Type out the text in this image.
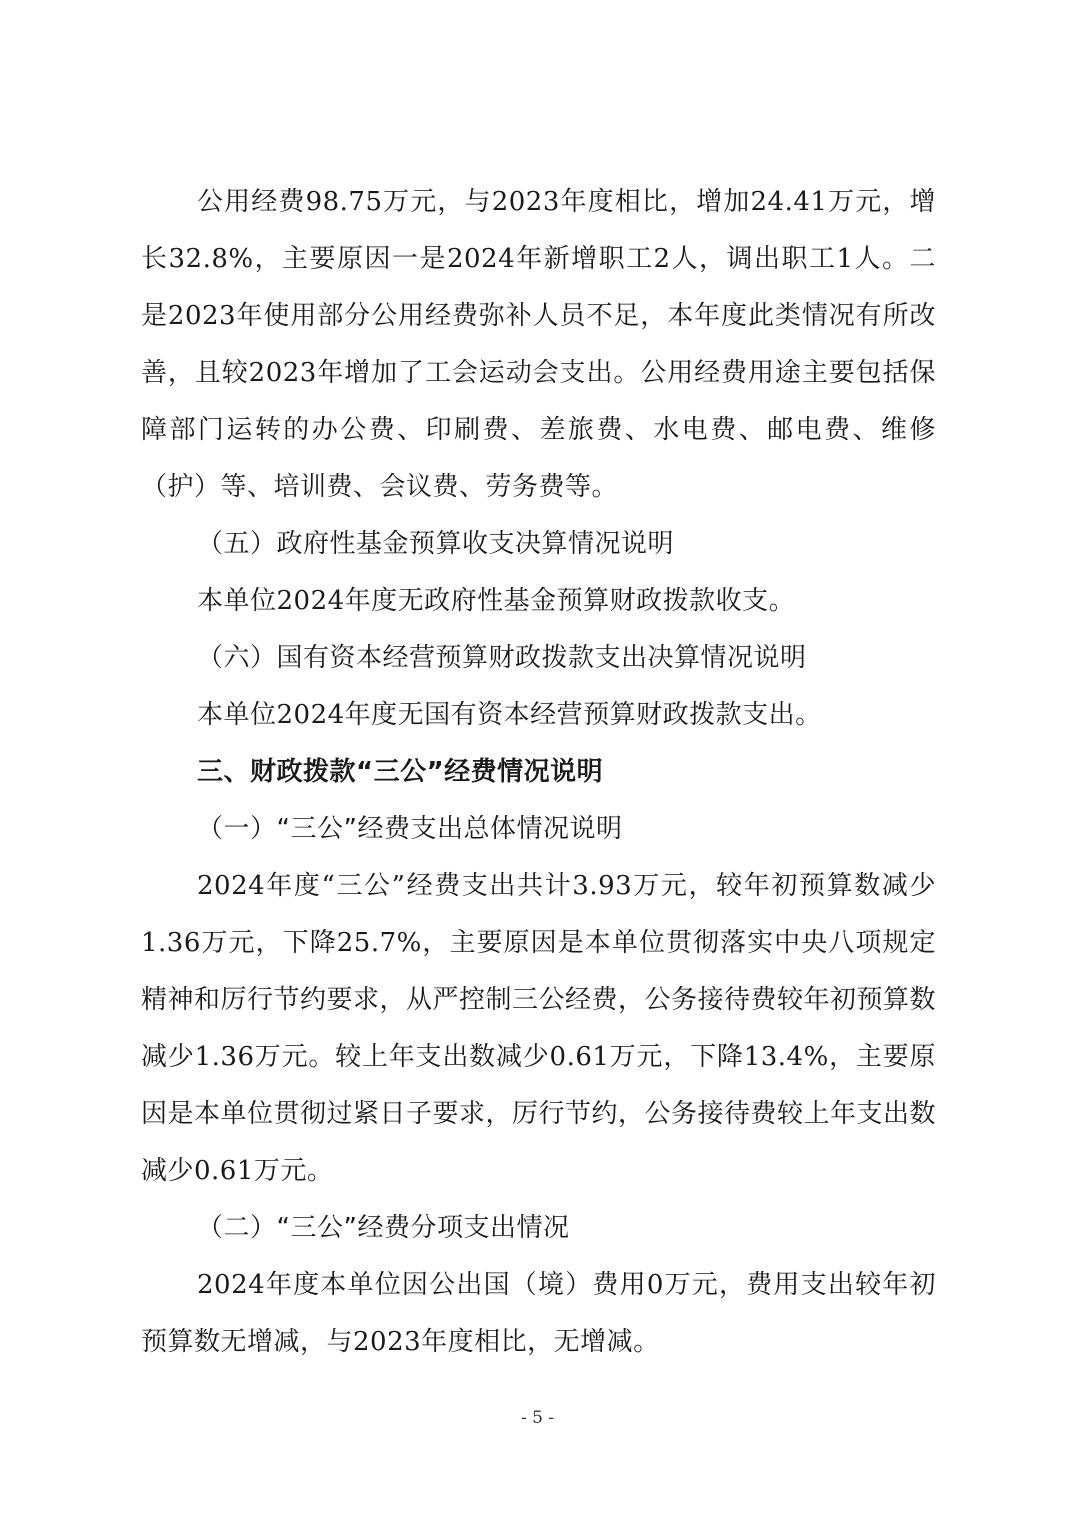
公用经费98.75万元，与2023年度相比，增加24.41万元，增长32.8%，主要原因一是2024年新增职工2人，调出职工1人。二是2023年使用部分公用经费弥补人员不足，本年度此类情况有所改善，且较2023年增加了工会运动会支出。公用经费用途主要包括保障部门运转的办公费、印刷费、差旅费、水电费、邮电费、维修（护）等、培训费、会议费、劳务费等。

（五）政府性基金预算收支决算情况说明

本单位2024年度无政府性基金预算财政拨款收支。

（六）国有资本经营预算财政拨款支出决算情况说明

本单位2024年度无国有资本经营预算财政拨款支出。

三、财政拨款“三公”经费情况说明

（一）“三公”经费支出总体情况说明

2024年度“三公”经费支出共计3.93万元，较年初预算数减少1.36万元，下降25.7%，主要原因是本单位贯彻落实中央八项规定精神和厉行节约要求，从严控制三公经费，公务接待费较年初预算数减少1.36万元。较上年支出数减少0.61万元，下降13.4%，主要原因是本单位贯彻过紧日子要求，厉行节约，公务接待费较上年支出数减少0.61万元。

（二）“三公”经费分项支出情况

2024年度本单位因公出国（境）费用0万元，费用支出较年初预算数无增减，与2023年度相比，无增减。

- 5 -
